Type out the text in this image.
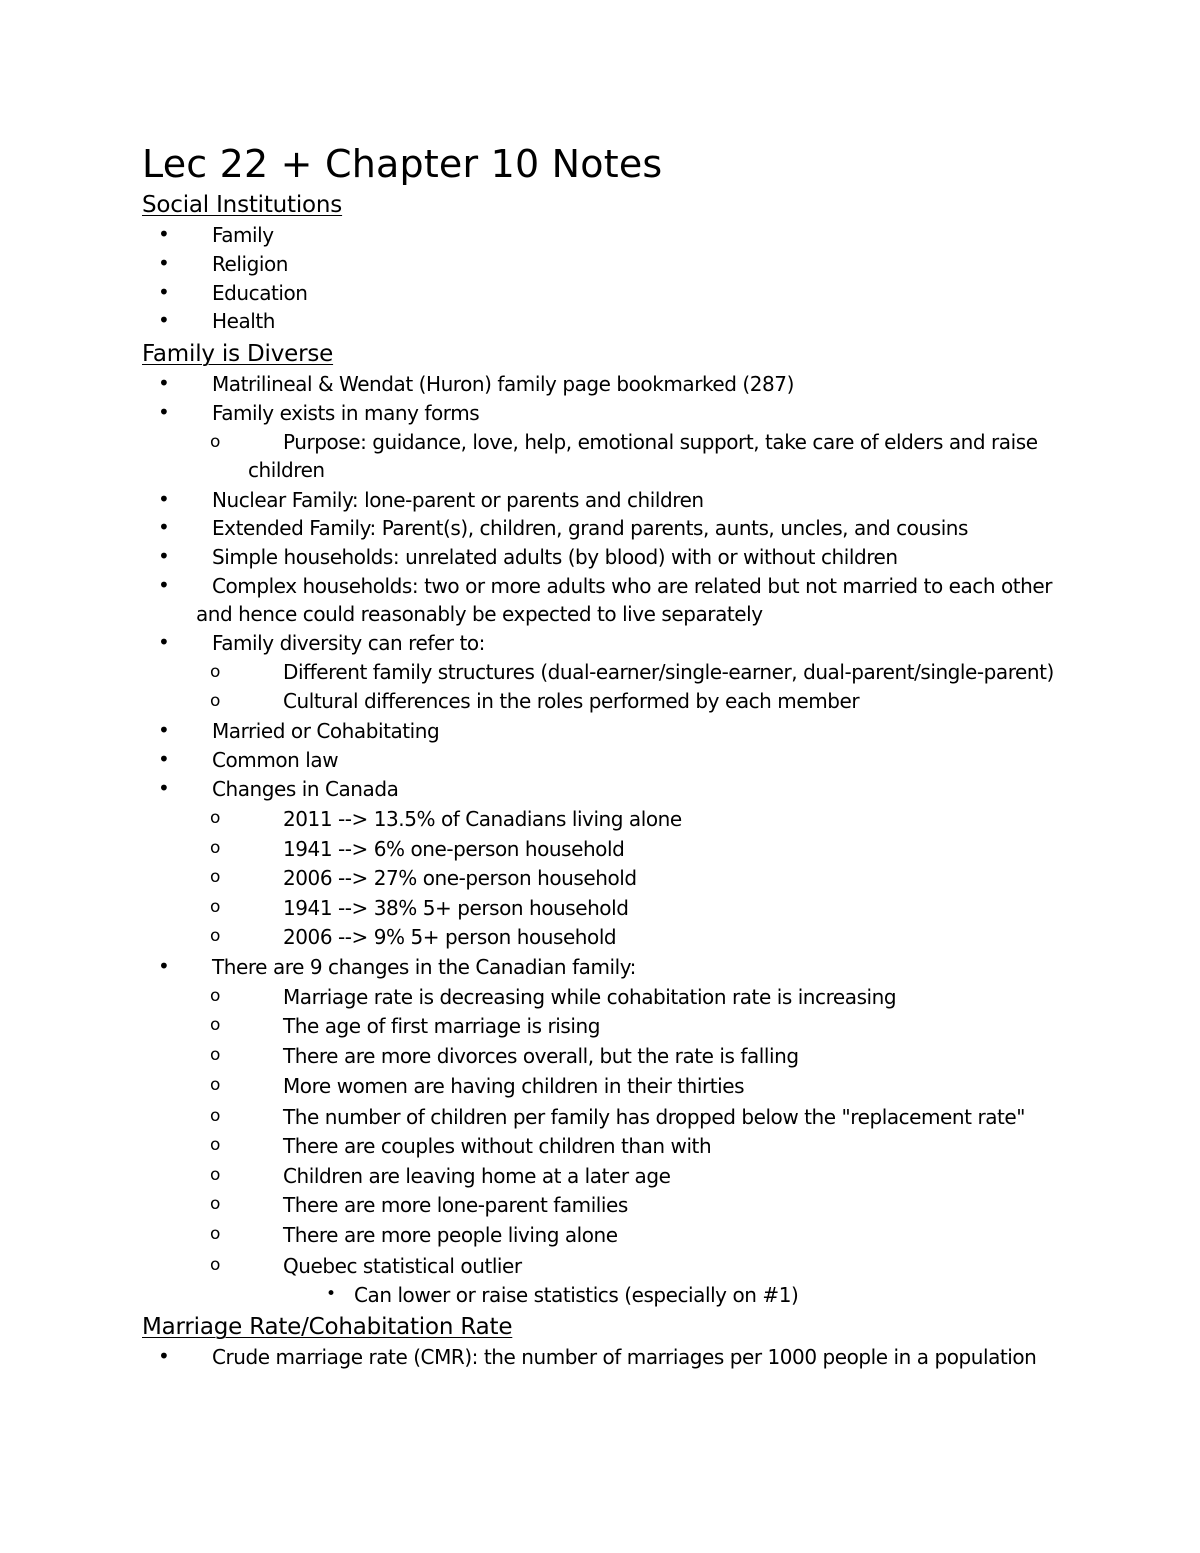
Lec 22 + Chapter 10 Notes
Social Institutions
• Family
• Religion
• Education
• Health
Family is Diverse
• Matrilineal & Wendat (Huron) family page bookmarked (287)
• Family exists in many forms
o	Purpose: guidance, love, help, emotional support, take care of elders and raise
children
• Nuclear Family: lone-parent or parents and children
• Extended Family: Parent(s), children, grand parents, aunts, uncles, and cousins
• Simple households: unrelated adults (by blood) with or without children
• Complex households: two or more adults who are related but not married to each other
and hence could reasonably be expected to live separately
• Family diversity can refer to:
o	Different family structures (dual-earner/single-earner, dual-parent/single-parent)
o	Cultural differences in the roles performed by each member
• Married or Cohabitating
• Common law
• Changes in Canada
o	2011 --> 13.5% of Canadians living alone
o	1941 --> 6% one-person household
o	2006 --> 27% one-person household
o	1941 --> 38% 5+ person household
o	2006 --> 9% 5+ person household
• There are 9 changes in the Canadian family:
o	Marriage rate is decreasing while cohabitation rate is increasing
o	The age of first marriage is rising
o	There are more divorces overall, but the rate is falling
o	More women are having children in their thirties
o	The number of children per family has dropped below the "replacement rate"
o	There are couples without children than with
o	Children are leaving home at a later age
o	There are more lone-parent families
o	There are more people living alone
o	Quebec statistical outlier
• Can lower or raise statistics (especially on #1)
Marriage Rate/Cohabitation Rate
• Crude marriage rate (CMR): the number of marriages per 1000 people in a population
